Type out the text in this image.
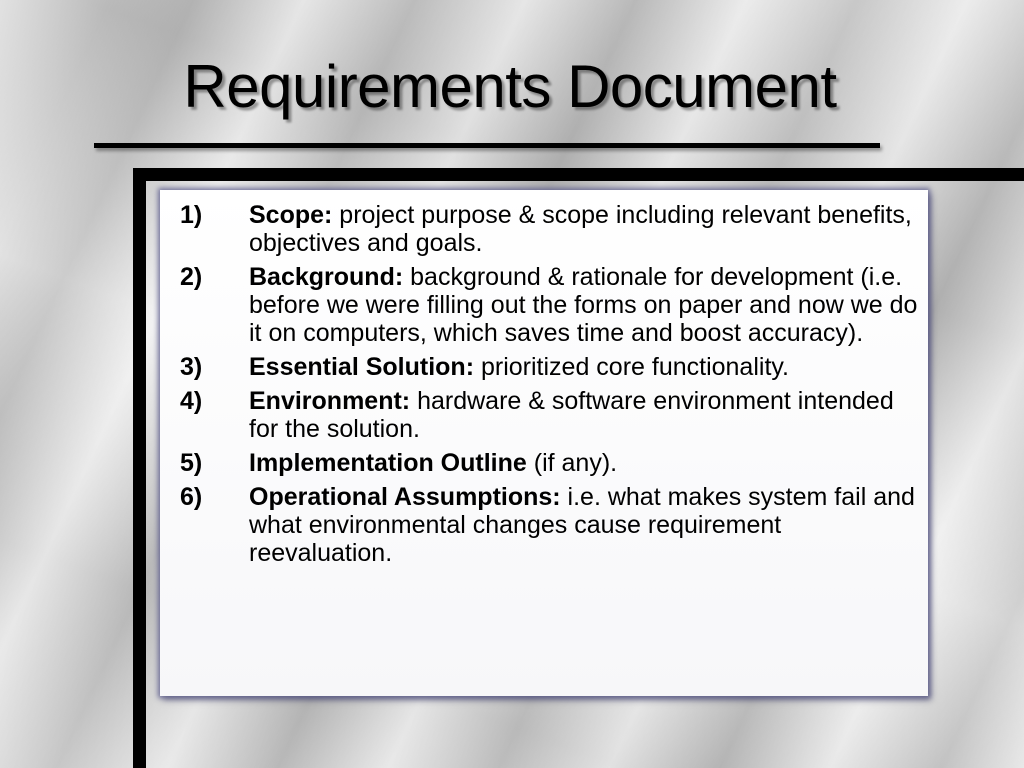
Requirements Document
1)	Scope: project purpose & scope including relevant benefits, objectives and goals.
2)	Background: background & rationale for development (i.e. before we were filling out the forms on paper and now we do it on computers, which saves time and boost accuracy).
3)	Essential Solution: prioritized core functionality.
4)	Environment: hardware & software environment intended for the solution.
5)	Implementation Outline (if any).
6)	Operational Assumptions: i.e. what makes system fail and what environmental changes cause requirement reevaluation.
